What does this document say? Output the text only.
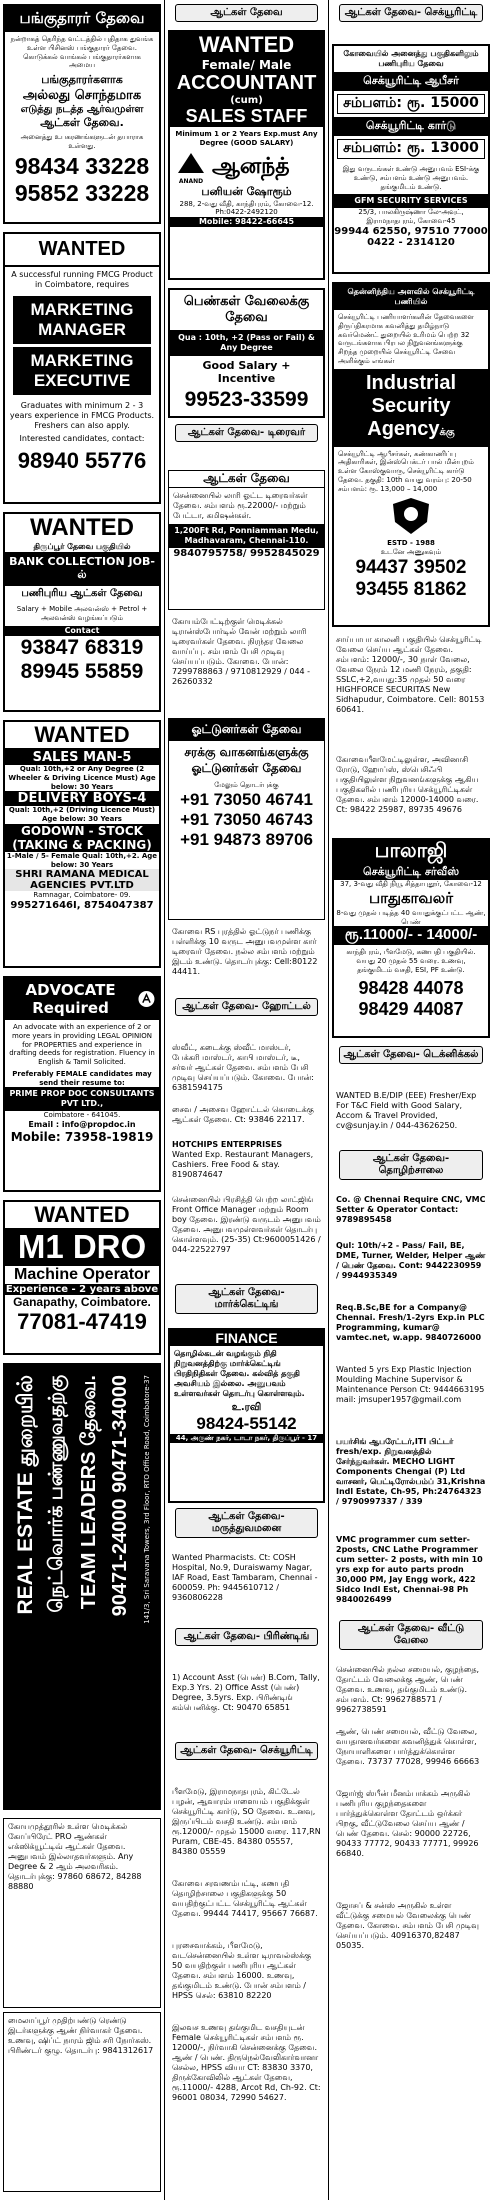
பங்குதாரர் தேவை
நன்றாகத் தெரிந்த வட்டத்தில் புதிதாக துவங்க உள்ள பிசினஸ் பங்குதாரர் தேவை. கொடுக்கல் வாங்கல் பங்குதாரர்களாக அமைய
பங்குதாரர்களாக
அல்லது சொந்தமாக
எடுத்து நடத்த ஆர்வமுள்ள
ஆட்கள் தேவை.
அனைத்து உபகரணங்களுடன் தயாராக உள்ளது.
98434 33228
95852 33228
WANTED
A successful running FMCG Product in Coimbatore, requires
MARKETING MANAGER
MARKETING EXECUTIVE
Graduates with minimum 2 - 3 years experience in FMCG Products. Freshers can also apply.
Interested candidates, contact:
98940 55776
WANTED
திருப்பூர் தேவை பகுதியில்
BANK COLLECTION JOB-ல்
பணிபுரிய ஆட்கள் தேவை
Salary + Mobile அலவன்ஸ் + Petrol + அலவன்ஸ் வழங்கப்படும்
Contact
93847 68319
89945 55859
WANTED
SALES MAN-5
Qual: 10th,+2 or Any Degree (2 Wheeler & Driving Licence Must) Age below: 30 Years
DELIVERY BOYS-4
Qual: 10th,+2 (Driving Licence Must) Age below: 30 Years
GODOWN - STOCK (TAKING & PACKING)
1-Male / 5- Female Qual: 10th,+2. Age below: 30 Years
SHRI RAMANA MEDICAL AGENCIES PVT.LTD
Ramnagar, Coimbatore- 09.
995271646I, 8754047387
ADVOCATE Required
An advocate with an experience of 2 or more years in providing LEGAL OPINION for PROPERTIES and experience in drafting deeds for registration. Fluency in English & Tamil Solicited.
Preferably FEMALE candidates may send their resume to:
PRIME PROP DOC CONSULTANTS PVT LTD.,
Coimbatore - 641045.
Email : info@propdoc.in
Mobile: 73958-19819
WANTED
M1 DRO
Machine Operator
Experience - 2 years above
Ganapathy, Coimbatore.
77081-47419
REAL ESTATE துறையில் நெட்வொர்க் பண்ணுவதற்கு TEAM LEADERS தேவை. 90471-24000 90471-34000 141/3, Sri Saravana Towers, 3rd Floor, RTO Office Road, Coimbatore-37
கோயமுத்தூரில் உள்ள மெடிக்கல் கோப்பிரேட் PRO ஆண்கள் எக்ஸிக்யூட்டிவ் ஆட்கள் தேவை. அனுபவம் இல்லாதவர்களும். Any Degree & 2 ஆம் அலவரிகம். தொடர்புக்கு: 97860 68672, 84288 88880
மைலாப்பூர் முதிற்பண்டு ரெண்டு இடர்களுக்கு ஆண் நிர்வாகர் தேவை. உணவு, ஷிப்ட் நாரம் ஜிம் சரி நோர்கஸ். பிரிண்டர் குழு. தொடர்பு: 9841312617
ஆட்கள் தேவை
WANTED
Female/ Male
ACCOUNTANT
(cum)
SALES STAFF
Minimum 1 or 2 Years Exp.must Any Degree (GOOD SALARY)
ANAND
ஆனந்த்
பனியன் ஷோரூம்
288, 2-வது வீதி, காந்திபுரம், கோவை-12. Ph:0422-2492120
Mobile: 98422-66645
பெண்கள் வேலைக்கு தேவை
Qua : 10th, +2 (Pass or Fail) & Any Degree
Good Salary + Incentive
99523-33599
ஆட்கள் தேவை- டிரைவர்
ஆட்கள் தேவை
சென்னையில் லாரி ஓட்ட டிரைவர்கள் தேவை. சம்பளம் ரூ.22000/- மற்றும் பேட்டா, கமிஷன்கள்.
1,200Ft Rd, Ponniamman Medu, Madhavaram, Chennai-110.
9840795758/ 9952845029
கோயம்பேட்டிற்குள் மெடிக்கல் டிரான்ஸ்போர்டில் வேன் மற்றும் லாரி டிரைவர்கள் தேவை. நிரந்தர வேலை வாய்ப்பு. சம்பளம் பேசி முடிவு செய்யப்படும். கோவை. போன்: 7299788863 / 9710812929 / 044 - 26260332
ஓட்டுனர்கள் தேவை
சரக்கு வாகனங்களுக்கு ஓட்டுனர்கள் தேவை
மேலும் தொடர்புக்கு
+91 73050 46741
+91 73050 46743
+91 94873 89706
கோவை RS புரத்தில் ஓட்டுநர் பணிக்கு பள்ளிக்கு 10 வருட அனுபவமுள்ள கார் டிரைவர் தேவை. நல்ல சம்பளம் மற்றும் இடம் உண்டு. தொடர்புக்கு: Cell:80122 44411.
ஆட்கள் தேவை- ஹோட்டல்
ஸ்வீட், கடைக்கு ஸ்வீட் மாஸ்டர், பேக்கரி மாஸ்டர், காபி மாஸ்டர், டீ, சர்வர் ஆட்கள் தேவை. சம்பளம் பேசி முடிவு செய்யப்படும். கோவை. போன்: 6381594175
சைவ / அசைவ ஹோட்டல் கொடைக்கு ஆட்கள் தேவை. Ct: 93846 22117.
HOTCHIPS ENTERPRISES
Wanted Exp. Restaurant Managers, Cashiers. Free Food & stay. 8190874647
சென்னையில் பிரசித்தி பெற்ற லாட்ஜிங் Front Office Manager மற்றும் Room boy தேவை. இரண்டு வருடம் அனுபவம் தேவை. அனுபவமுள்ளவர்கள் தொடர்பு கொள்ளவும். (25-35) Ct:9600051426 / 044-22522797
ஆட்கள் தேவை- மார்க்கெட்டிங்
FINANCE
தொழில்கடன் வழங்கும் நிதி நிறுவனத்திற்கு மார்க்கெட்டிங் பிரதிநிதிகள் தேவை. கல்வித் தகுதி அவசியம் இல்லை. அனுபவம் உள்ளவர்கள் தொடர்பு கொள்ளவும்.
உ.ரவி
98424-55142
44, அருண் நகர், டாடா நகர், திருப்பூர் - 17
ஆட்கள் தேவை- மருத்துவமனை
Wanted Pharmacists. Ct: COSH Hospital, No.9, Duraiswamy Nagar, IAF Road, East Tambaram, Chennai - 600059. Ph: 9445610712 / 9360806228
ஆட்கள் தேவை- பிரிண்டிங்
1) Account Asst (பெண்) B.Com, Tally, Exp.3 Yrs. 2) Office Asst (பெண்) Degree, 3.5yrs. Exp. பிரிண்டிங் கம்பெனிக்கு. Ct: 90470 65851
ஆட்கள் தேவை- செக்யூரிட்டி
பீளமேடு, இராமநாதபுரம், கிட்டேல் பழன், ஆவாரம்பாளையம் பகுதிக்குள் செக்யூரிட்டி கார்டு, SO தேவை. உ.னவு, இருப்பிடம் வசதி உண்டு. சம்பளம் ரூ.12000/- முதல் 15000 வரை. 117,RN Puram, CBE-45. 84380 05557, 84380 05559
கோவை சரவணம்பட்டி, கணபதி தொழிற்சாலை பகுதிகளுக்கு 50 வயதிற்குட்பட்ட செக்யூரிட்டி ஆட்கள் தேவை. 99444 74417, 95667 76687.
புரசைவாக்கம், பீளமேடு, வடசென்னையில் உள்ள டிராவல்ஸ்க்கு 50 வயதிற்குள் பணிபுரிய ஆட்கள் தேவை. சம்பளம் 16000. உணவு, தங்குமிடம் உண்டு. போன் சம்பளம் / HPSS செல்: 63810 82220
இலவச உணவு தங்குமிட வசதியுடன் Female செக்யூரிட்டிகள் சம்பளம் ரூ. 12000/-, நிர்வாகி சென்னைக்கு தேவை. ஆண் / பெண். திருநெல்வேலிகார்வானா செல்ல, HPSS வியா CT: 83830 3370, திருக்கோவிலில் ஆட்கள் தேவை, ரூ.11000/- 4288, Arcot Rd, Ch-92. Ct: 96001 08034, 72990 54627.
ஆட்கள் தேவை- செக்யூரிட்டி
கோவையில் அனைத்து பகுதிகளிலும் பணிபுரிய தேவை
செக்யூரிட்டி ஆபீசர்
சம்பளம்: ரூ. 15000
செக்யூரிட்டி கார்டு
சம்பளம்: ரூ. 13000
இது வருடங்கள் உண்டு அனுபவம் ESI-க்கு உண்டு, சம்பளம் உண்டு அனுபவம். தங்குமிடம் உண்டு.
GFM SECURITY SERVICES
25/3, பாலகிருஷ்ணா லே-அவுட், இராமநாதபுரம், கோவை-45
99944 62550, 97510 77000
0422 - 2314120
தென்னிந்திய அளவில் செக்யூரிட்டி பணியில்
செக்யூரிட்டி பணியாளர்களின் தேவைகளை திருப்திகரமாக கவனித்து தமிழ்நாடு கவர்மெண்ட் துறையில் உரிமம் பெற்ற 32 வருடங்களாக பிரபல நிறுவனங்களுக்கு சிறந்த முறையில் செக்யூரிட்டி சேவை அளிக்கும் எங்கள்
Industrial Security Agencyக்கு
செக்யூரிட்டி ஆபீசர்கள், கண்காணிப்பு அதிகாரிகள், இன்ஸ்பெக்டர் பால் மின்புறம் உள்ள கோஸ்குவாரு, செக்யூரிட்டி கார்டு தேவை. தகுதி: 10th வயது வரம்பு: 20-50 சம்பளம்: ரூ. 13,000 – 14,000
ESTD - 1988
உடனே அணுகவும்
94437 39502
93455 81862
சாய்பாபா காலனி பகுதியில் செக்யூரிட்டி வேலை செய்ய ஆட்கள் தேவை. சம்பளம்: 12000/-, 30 நாள் வேலை, வேலை நேரம் 12 மணி நேரம், தகுதி: SSLC,+2,வயது:35 முதல் 50 வரை HIGHFORCE SECURITAS New Sidhapudur, Coimbatore. Cell: 80153 60641.
கோவைபீளமேட்டிலுள்ள, அவினாசி ரோடு, ஹோப்ஸ், ஸ்பெசிஃபி பகுதியிலுள்ள நிறுவனங்களுக்கு ஆகிய பகுதிகளில் பணிபுரிய செக்யூரிட்டிகள் தேவை. சம்பளம் 12000-14000 வரை. Ct: 98422 25987, 89735 49676
பாலாஜி
செக்யூரிட்டி சர்வீஸ்
37, 3-வது வீதி நியூ சித்தாபுதூர், கோவை-12
பாதுகாவலர்
8-வது முதல் படித்த 40 வயதுக்குட்பட்ட ஆண், பெண்
ரூ.11000/- - 14000/-
காந்திபுரம், பீளமேடு, கணபதி பகுதியில். வயது 20 முதல் 55 வரை. உணவு, தங்குமிடம் வசதி, ESI, PF உண்டு.
98428 44078
98429 44087
ஆட்கள் தேவை- டெக்னிக்கல்
WANTED B.E/DIP (EEE) Fresher/Exp For T&C Field with Good Salary, Accom & Travel Provided, cv@sunjay.in / 044-43626250.
ஆட்கள் தேவை- தொழிற்சாலை
Co. @ Chennai Require CNC, VMC Setter & Operator Contact: 9789895458
Qul: 10th/+2 - Pass/ Fail, BE, DME, Turner, Welder, Helper ஆண் / பெண் தேவை. Cont: 9442230959 / 9944935349
Req.B.Sc,BE for a Company@ Chennai. Fresh/1-2yrs Exp.in PLC Programming, kumar@ vamtec.net, w.app. 9840726000
Wanted 5 yrs Exp Plastic Injection Moulding Machine Supervisor & Maintenance Person Ct: 9444663195 mail: jmsuper1957@gmail.com
பயர்சிங் ஆபரேட்டர்,ITI பிட்டர் fresh/exp. நிறுவனத்தில் சேர்ந்துவர்கள். MECHO LIGHT Components Chengai (P) Ltd வாசனர், பெட்டிரோல்பம்ப் 31,Krishna Indl Estate, Ch-95, Ph:24764323 / 9790997337 / 339
VMC programmer cum setter-2posts, CNC Lathe Programmer cum setter- 2 posts, with min 10 yrs exp for auto parts prodn 30,000 PM, Jay Engg work, 422 Sidco Indl Est, Chennai-98 Ph 9840026499
ஆட்கள் தேவை- வீட்டு வேலை
சென்னையில் நல்ல சமையல், குழந்தை, தோட்டம் வேலைக்கு ஆண், பெண் தேவை. உணவு, தங்குமிடம் உண்டு. சம்பளம். Ct: 9962788571 / 9962738591
ஆண், பெண் சமையல், வீட்டு வேலை, வயதானவர்களை கவனித்துக் கொள்ள, நோயாளிகளை பார்த்துக்கொள்ள தேவை. 73737 77028, 99946 66663
ஜோர்ஜ் ஸ்பீன் மீனம்பாக்கம் அருகில் பணிபுரிய குழந்தைகளை பார்த்துக்கொள்ள தோட்டம் ஒர்க்கர் பிறகு, வீட்டுவேலை செய்ய ஆண் / பெண் தேவை. செல்: 90000 22726, 90433 77772, 90433 77771, 99926 66840.
ஜோசப் & சன்ஸ் அருகில் உள்ள வீட்டுக்கு சமையல் வேலைக்கு பெண் தேவை. கோவை. சம்பளம் பேசி முடிவு செய்யப்படும். 40916370,82487 05035.
